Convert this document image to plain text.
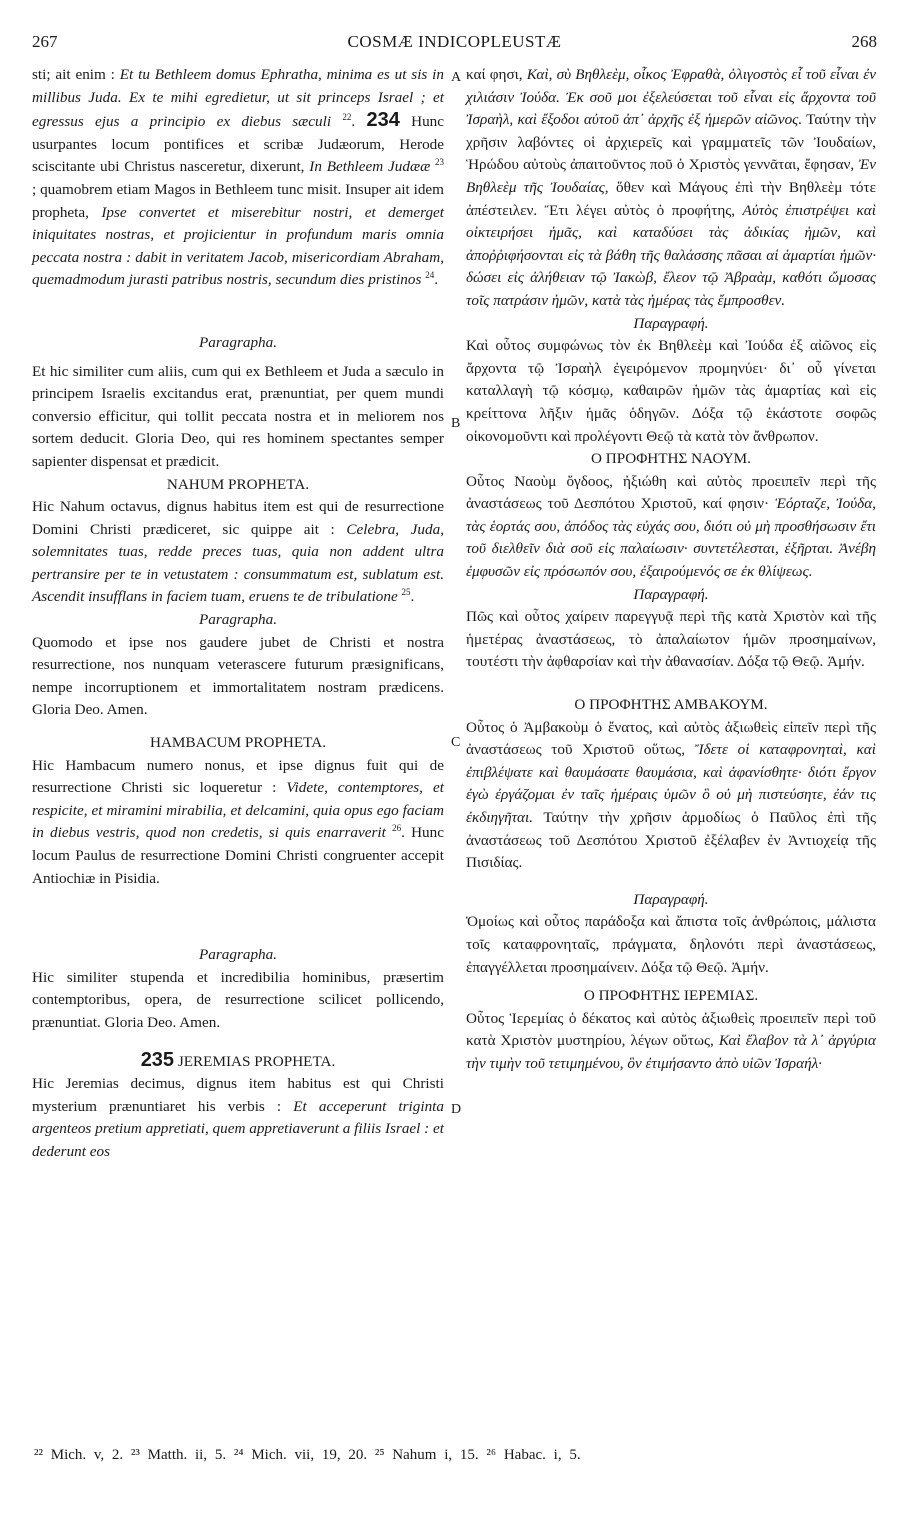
267	COSMÆ INDICOPLEUSTÆ	268
A
B
C
D

sti; ait enim : Et tu Bethleem domus Ephratha, minima es ut sis in millibus Juda. Ex te mihi egredietur, ut sit princeps Israel ; et egressus ejus a principio ex diebus sæculi $^{22}$. 234 Hunc usurpantes locum pontifices et scribæ Judæorum, Herode sciscitante ubi Christus nasceretur, dixerunt, In Bethleem Judææ $^{23}$ ; quamobrem etiam Magos in Bethleem tunc misit. Insuper ait idem propheta, Ipse convertet et miserebitur nostri, et demerget iniquitates nostras, et projicientur in profundum maris omnia peccata nostra : dabit in veritatem Jacob, misericordiam Abraham, quemadmodum jurasti patribus nostris, secundum dies pristinos $^{24}$.

Paragrapha.

Et hic similiter cum aliis, cum qui ex Bethleem et Juda a sæculo in principem Israelis excitandus erat, prænuntiat, per quem mundi conversio efficitur, qui tollit peccata nostra et in meliorem nos sortem deducit. Gloria Deo, qui res hominem spectantes semper sapienter dispensat et prædicit.

NAHUM PROPHETA.

Hic Nahum octavus, dignus habitus item est qui de resurrectione Domini Christi prædiceret, sic quippe ait : Celebra, Juda, solemnitates tuas, redde preces tuas, quia non addent ultra pertransire per te in vetustatem : consummatum est, sublatum est. Ascendit insufflans in faciem tuam, eruens te de tribulatione $^{25}$.

Paragrapha.

Quomodo et ipse nos gaudere jubet de Christi et nostra resurrectione, nos nunquam veterascere futurum præsignificans, nempe incorruptionem et immortalitatem nostram prædicens. Gloria Deo. Amen.

HAMBACUM PROPHETA.

Hic Hambacum numero nonus, et ipse dignus fuit qui de resurrectione Christi sic loqueretur : Videte, contemptores, et respicite, et miramini mirabilia, et delcamini, quia opus ego faciam in diebus vestris, quod non credetis, si quis enarraverit $^{26}$. Hunc locum Paulus de resurrectione Domini Christi congruenter accepit Antiochiæ in Pisidia.

Paragrapha.

Hic similiter stupenda et incredibilia hominibus, præsertim contemptoribus, opera, de resurrectione scilicet pollicendo, prænuntiat. Gloria Deo. Amen.

235 JEREMIAS PROPHETA.

Hic Jeremias decimus, dignus item habitus est qui Christi mysterium prænuntiaret his verbis : Et acceperunt triginta argenteos pretium appretiati, quem appretiaverunt a filiis Israel : et dederunt eos

καί φησι, Καὶ, σὺ Βηθλεὲμ, οἶκος Ἐφραθὰ, ὀλιγοστὸς εἶ τοῦ εἶναι ἐν χιλιάσιν Ἰούδα. Ἐκ σοῦ μοι ἐξελεύσεται τοῦ εἶναι εἰς ἄρχοντα τοῦ Ἰσραὴλ, καὶ ἔξοδοι αὐτοῦ ἀπ᾽ ἀρχῆς ἐξ ἡμερῶν αἰῶνος. Ταύτην τὴν χρῆσιν λαβόντες οἱ ἀρχιερεῖς καὶ γραμματεῖς τῶν Ἰουδαίων, Ἡρώδου αὐτοὺς ἀπαιτοῦντος ποῦ ὁ Χριστὸς γεννᾶται, ἔφησαν, Ἐν Βηθλεὲμ τῆς Ἰουδαίας, ὅθεν καὶ Μάγους ἐπὶ τὴν Βηθλεὲμ τότε ἀπέστειλεν. Ἔτι λέγει αὐτὸς ὁ προφήτης, Αὐτὸς ἐπιστρέψει καὶ οἰκτειρήσει ἡμᾶς, καὶ καταδύσει τὰς ἀδικίας ἡμῶν, καὶ ἀποῤῥιφήσονται εἰς τὰ βάθη τῆς θαλάσσης πᾶσαι αἱ ἁμαρτίαι ἡμῶν· δώσει εἰς ἀλήθειαν τῷ Ἰακὼβ, ἔλεον τῷ Ἀβραὰμ, καθότι ὤμοσας τοῖς πατράσιν ἡμῶν, κατὰ τὰς ἡμέρας τὰς ἔμπροσθεν.

Παραγραφή.

Καὶ οὗτος συμφώνως τὸν ἐκ Βηθλεὲμ καὶ Ἰούδα ἐξ αἰῶνος εἰς ἄρχοντα τῷ Ἰσραὴλ ἐγειρόμενον προμηνύει· δι᾽ οὗ γίνεται καταλλαγὴ τῷ κόσμῳ, καθαιρῶν ἡμῶν τὰς ἁμαρτίας καὶ εἰς κρείττονα λῆξιν ἡμᾶς ὁδηγῶν. Δόξα τῷ ἑκάστοτε σοφῶς οἰκονομοῦντι καὶ προλέγοντι Θεῷ τὰ κατὰ τὸν ἄνθρωπον.

Ο ΠΡΟΦΗΤΗΣ ΝΑΟΥΜ.

Οὗτος Ναοὺμ ὄγδοος, ἠξιώθη καὶ αὐτὸς προειπεῖν περὶ τῆς ἀναστάσεως τοῦ Δεσπότου Χριστοῦ, καί φησιν· Ἑόρταζε, Ἰούδα, τὰς ἑορτάς σου, ἀπόδος τὰς εὐχάς σου, διότι οὐ μὴ προσθήσωσιν ἔτι τοῦ διελθεῖν διὰ σοῦ εἰς παλαίωσιν· συντετέλεσται, ἐξῆρται. Ἀνέβη ἐμφυσῶν εἰς πρόσωπόν σου, ἐξαιρούμενός σε ἐκ θλίψεως.

Παραγραφή.

Πῶς καὶ οὗτος χαίρειν παρεγγυᾷ περὶ τῆς κατὰ Χριστὸν καὶ τῆς ἡμετέρας ἀναστάσεως, τὸ ἀπαλαίωτον ἡμῶν προσημαίνων, τουτέστι τὴν ἀφθαρσίαν καὶ τὴν ἀθανασίαν. Δόξα τῷ Θεῷ. Ἀμήν.

Ο ΠΡΟΦΗΤΗΣ ΑΜΒΑΚΟΥΜ.

Οὗτος ὁ Ἀμβακοὺμ ὁ ἔνατος, καὶ αὐτὸς ἀξιωθεὶς εἰπεῖν περὶ τῆς ἀναστάσεως τοῦ Χριστοῦ οὕτως, Ἴδετε οἱ καταφρονηταὶ, καὶ ἐπιβλέψατε καὶ θαυμάσατε θαυμάσια, καὶ ἀφανίσθητε· διότι ἔργον ἐγὼ ἐργάζομαι ἐν ταῖς ἡμέραις ὑμῶν ὃ οὐ μὴ πιστεύσητε, ἐάν τις ἐκδιηγῆται. Ταύτην τὴν χρῆσιν ἁρμοδίως ὁ Παῦλος ἐπὶ τῆς ἀναστάσεως τοῦ Δεσπότου Χριστοῦ ἐξέλαβεν ἐν Ἀντιοχείᾳ τῆς Πισιδίας.

Παραγραφή.

Ὁμοίως καὶ οὗτος παράδοξα καὶ ἄπιστα τοῖς ἀνθρώποις, μάλιστα τοῖς καταφρονηταῖς, πράγματα, δηλονότι περὶ ἀναστάσεως, ἐπαγγέλλεται προσημαίνειν. Δόξα τῷ Θεῷ. Ἀμήν.

Ο ΠΡΟΦΗΤΗΣ ΙΕΡΕΜΙΑΣ.

Οὗτος Ἱερεμίας ὁ δέκατος καὶ αὐτὸς ἀξιωθεὶς προειπεῖν περὶ τοῦ κατὰ Χριστὸν μυστηρίου, λέγων οὕτως, Καὶ ἔλαβον τὰ λ᾽ ἀργύρια τὴν τιμὴν τοῦ τετιμημένου, ὃν ἐτιμήσαντο ἀπὸ υἱῶν Ἰσραήλ·

²² Mich. v, 2. ²³ Matth. ii, 5. ²⁴ Mich. vii, 19, 20. ²⁵ Nahum i, 15. ²⁶ Habac. i, 5.
